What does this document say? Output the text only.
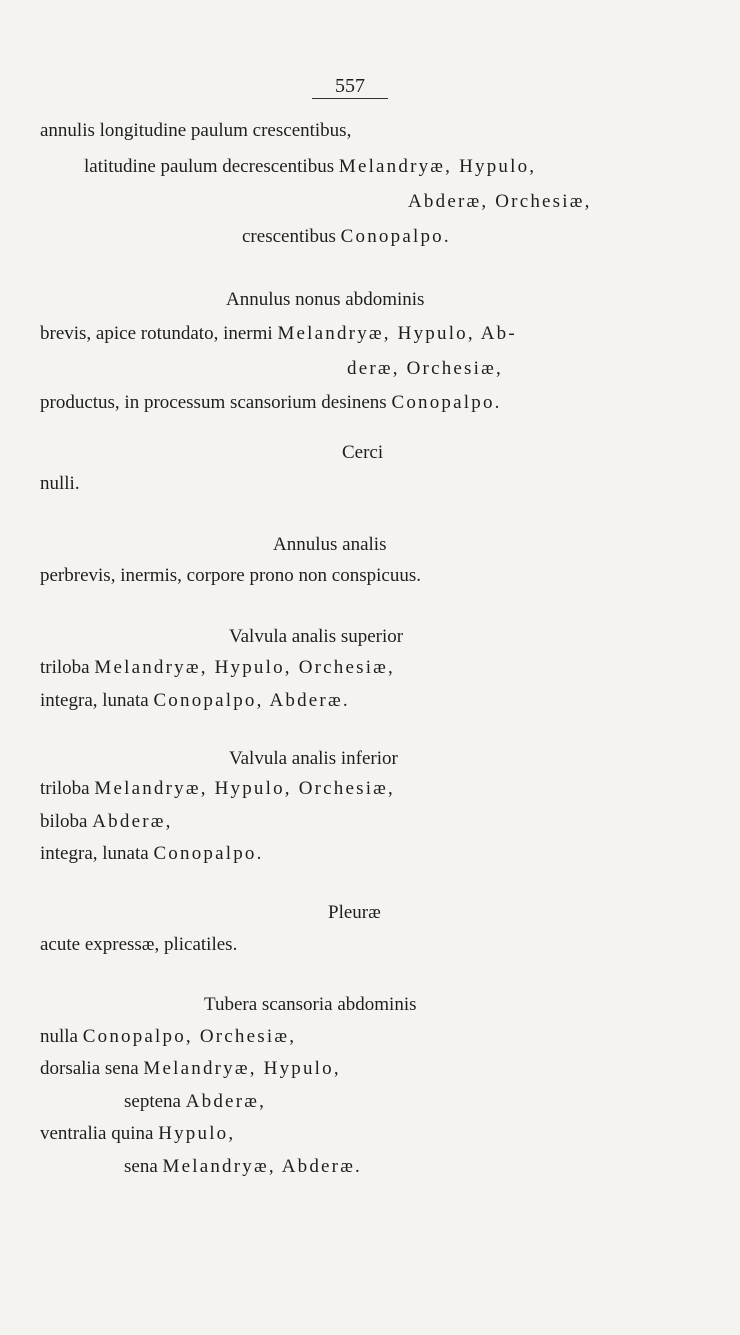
557
annulis longitudine paulum crescentibus,
latitudine paulum decrescentibus Melandryæ, Hypulo,
Abderæ, Orchesiæ,
crescentibus Conopalpo.
Annulus nonus abdominis
brevis, apice rotundato, inermi Melandryæ, Hypulo, Ab-
deræ, Orchesiæ,
productus, in processum scansorium desinens Conopalpo.
Cerci
nulli.
Annulus analis
perbrevis, inermis, corpore prono non conspicuus.
Valvula analis superior
triloba Melandryæ, Hypulo, Orchesiæ,
integra, lunata Conopalpo, Abderæ.
Valvula analis inferior
triloba Melandryæ, Hypulo, Orchesiæ,
biloba Abderæ,
integra, lunata Conopalpo.
Pleuræ
acute expressæ, plicatiles.
Tubera scansoria abdominis
nulla Conopalpo, Orchesiæ,
dorsalia sena Melandryæ, Hypulo,
septena Abderæ,
ventralia quina Hypulo,
sena Melandryæ, Abderæ.
